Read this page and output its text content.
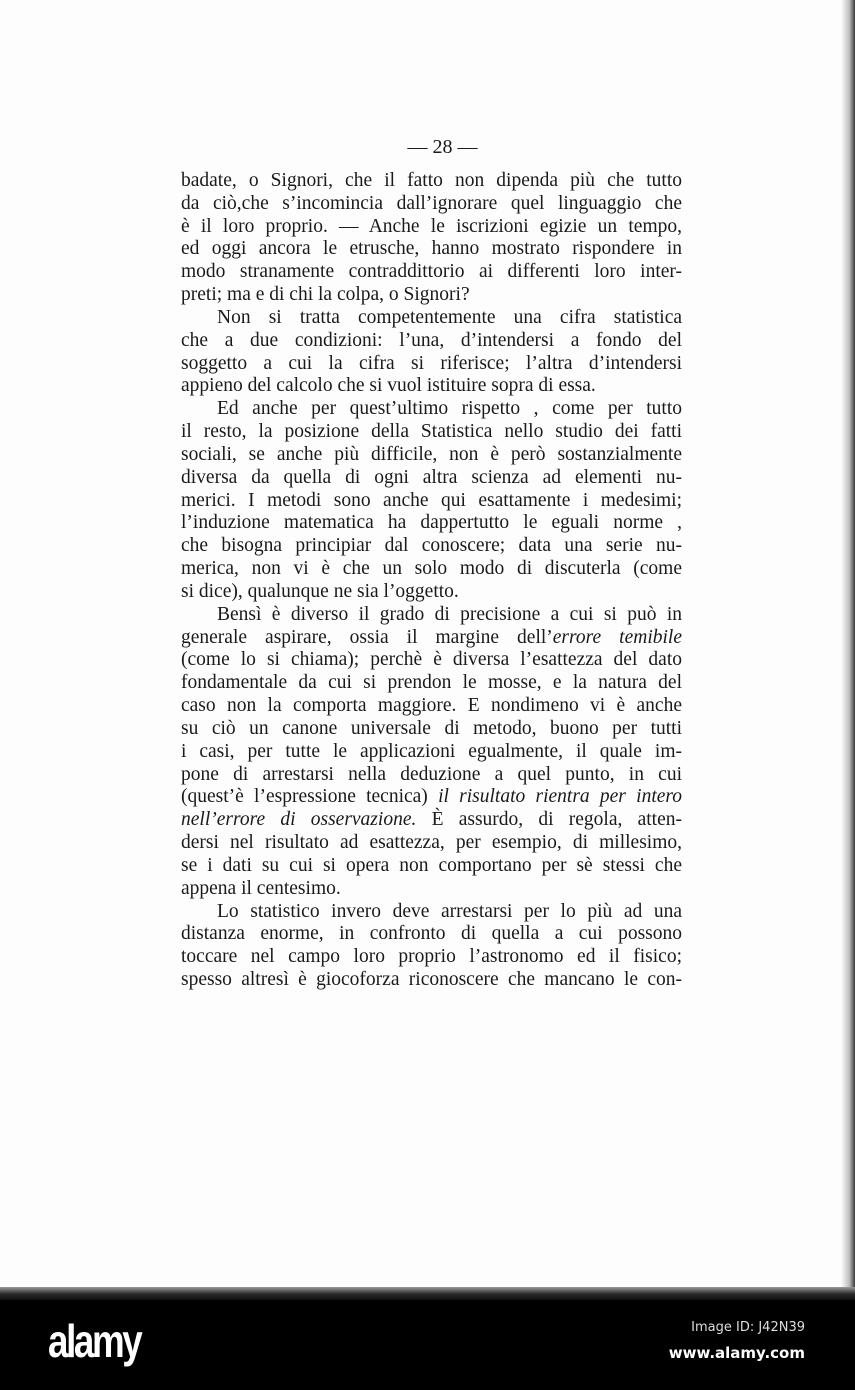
— 28 —
badate, o Signori, che il fatto non dipenda più che tutto
da ciò,che s’incomincia dall’ignorare quel linguaggio che
è il loro proprio. — Anche le iscrizioni egizie un tempo,
ed oggi ancora le etrusche, hanno mostrato rispondere in
modo stranamente contraddittorio ai differenti loro inter-
preti; ma e di chi la colpa, o Signori?
Non si tratta competentemente una cifra statistica
che a due condizioni: l’una, d’intendersi a fondo del
soggetto a cui la cifra si riferisce; l’altra d’intendersi
appieno del calcolo che si vuol istituire sopra di essa.
Ed anche per quest’ultimo rispetto , come per tutto
il resto, la posizione della Statistica nello studio dei fatti
sociali, se anche più difficile, non è però sostanzialmente
diversa da quella di ogni altra scienza ad elementi nu-
merici. I metodi sono anche qui esattamente i medesimi;
l’induzione matematica ha dappertutto le eguali norme ,
che bisogna principiar dal conoscere; data una serie nu-
merica, non vi è che un solo modo di discuterla (come
si dice), qualunque ne sia l’oggetto.
Bensì è diverso il grado di precisione a cui si può in
generale aspirare, ossia il margine dell’errore temibile
(come lo si chiama); perchè è diversa l’esattezza del dato
fondamentale da cui si prendon le mosse, e la natura del
caso non la comporta maggiore. E nondimeno vi è anche
su ciò un canone universale di metodo, buono per tutti
i casi, per tutte le applicazioni egualmente, il quale im-
pone di arrestarsi nella deduzione a quel punto, in cui
(quest’è l’espressione tecnica) il risultato rientra per intero
nell’errore di osservazione. È assurdo, di regola, atten-
dersi nel risultato ad esattezza, per esempio, di millesimo,
se i dati su cui si opera non comportano per sè stessi che
appena il centesimo.
Lo statistico invero deve arrestarsi per lo più ad una
distanza enorme, in confronto di quella a cui possono
toccare nel campo loro proprio l’astronomo ed il fisico;
spesso altresì è giocoforza riconoscere che mancano le con-
alamy	Image ID: J42N39
www.alamy.com
